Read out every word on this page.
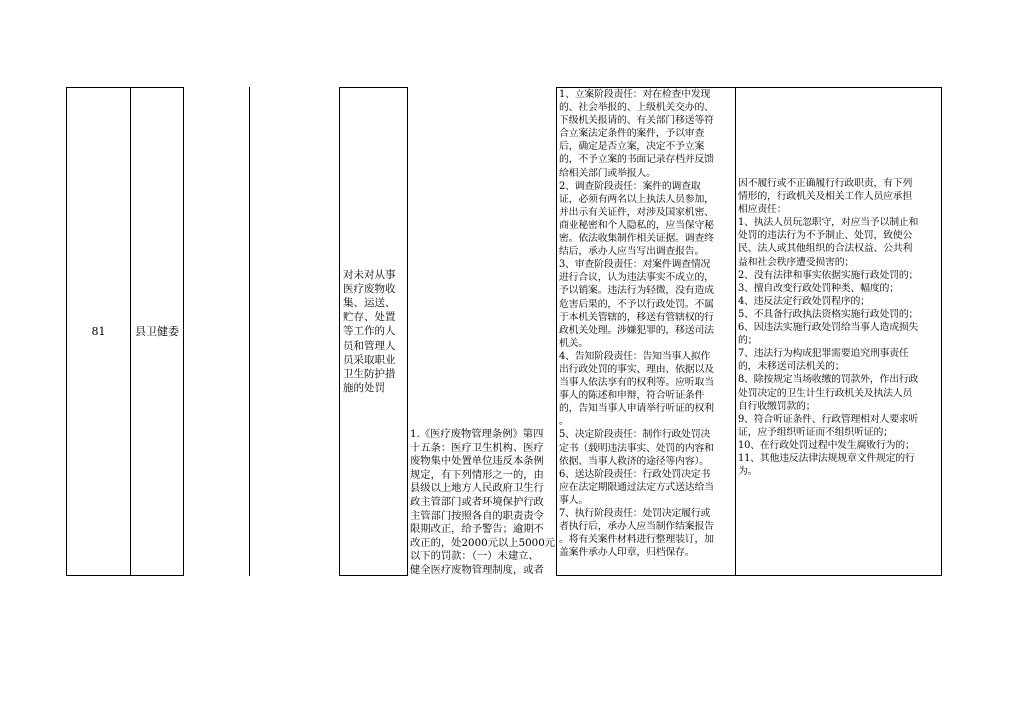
81	县卫健委
对未对从事
医疗废物收
集、运送、
贮存、处置
等工作的人
员和管理人
员采取职业
卫生防护措
施的处罚
1.《医疗废物管理条例》第四
十五条：医疗卫生机构、医疗
废物集中处置单位违反本条例
规定，有下列情形之一的，由
县级以上地方人民政府卫生行
政主管部门或者环境保护行政
主管部门按照各自的职责责令
限期改正，给予警告；逾期不
改正的，处2000元以上5000元
以下的罚款：（一）未建立、
健全医疗废物管理制度，或者
1、立案阶段责任：对在检查中发现
的、社会举报的、上级机关交办的、
下级机关报请的、有关部门移送等符
合立案法定条件的案件，予以审查
后，确定是否立案，决定不予立案
的，不予立案的书面记录存档并反馈
给相关部门或举报人。
2、调查阶段责任：案件的调查取
证，必须有两名以上执法人员参加，
并出示有关证件，对涉及国家机密、
商业秘密和个人隐私的，应当保守秘
密。依法收集制作相关证据。调查终
结后，承办人应当写出调查报告。
3、审查阶段责任：对案件调查情况
进行合议，认为违法事实不成立的，
予以销案。违法行为轻微，没有造成
危害后果的，不予以行政处罚。不属
于本机关管辖的，移送有管辖权的行
政机关处理。涉嫌犯罪的，移送司法
机关。
4、告知阶段责任：告知当事人拟作
出行政处罚的事实、理由、依据以及
当事人依法享有的权利等。应听取当
事人的陈述和申辩，符合听证条件
的，告知当事人申请举行听证的权利
。
5、决定阶段责任：制作行政处罚决
定书（载明违法事实、处罚的内容和
依据、当事人救济的途径等内容）。
6、送达阶段责任：行政处罚决定书
应在法定期限通过法定方式送达给当
事人。
7、执行阶段责任：处罚决定履行或
者执行后，承办人应当制作结案报告
。将有关案件材料进行整理装订，加
盖案件承办人印章，归档保存。
因不履行或不正确履行行政职责，有下列
情形的，行政机关及相关工作人员应承担
相应责任：
1、执法人员玩忽职守，对应当予以制止和
处罚的违法行为不予制止、处罚，致使公
民、法人或其他组织的合法权益、公共利
益和社会秩序遭受损害的；
2、没有法律和事实依据实施行政处罚的；
3、擅自改变行政处罚种类、幅度的；
4、违反法定行政处罚程序的；
5、不具备行政执法资格实施行政处罚的；
6、因违法实施行政处罚给当事人造成损失
的；
7、违法行为构成犯罪需要追究刑事责任
的，未移送司法机关的；
8、除按规定当场收缴的罚款外，作出行政
处罚决定的卫生计生行政机关及执法人员
自行收缴罚款的；
9、符合听证条件、行政管理相对人要求听
证，应予组织听证而不组织听证的；
10、在行政处罚过程中发生腐败行为的；
11、其他违反法律法规规章文件规定的行
为。
